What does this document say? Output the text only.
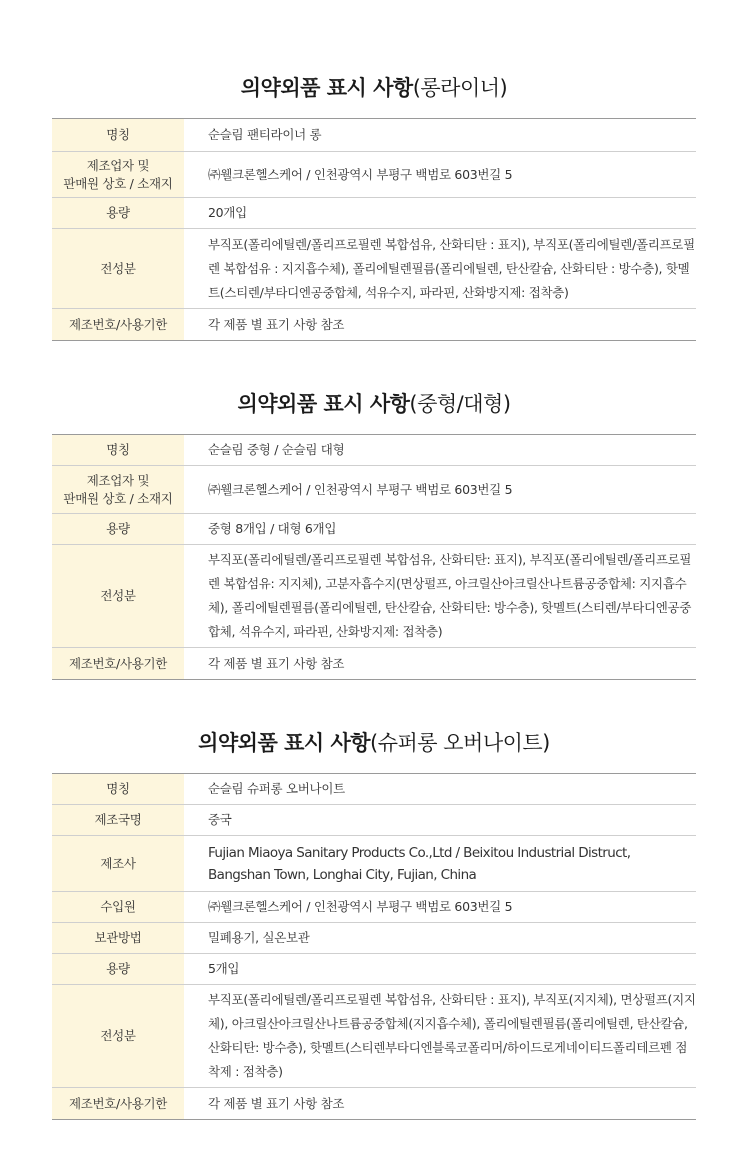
의약외품 표시 사항(롱라이너)
명칭	순슬림 팬티라이너 롱
제조업자 및
판매원 상호 / 소재지	㈜웰크론헬스케어 / 인천광역시 부평구 백범로 603번길 5
용량	20개입
전성분	부직포(폴리에틸렌/폴리프로필렌 복합섬유, 산화티탄 : 표지), 부직포(폴리에틸렌/폴리프로필렌 복합섬유 : 지지흡수체), 폴리에틸렌필름(폴리에틸렌, 탄산칼슘, 산화티탄 : 방수층), 핫멜트(스티렌/부타디엔공중합체, 석유수지, 파라핀, 산화방지제: 접착층)
제조번호/사용기한	각 제품 별 표기 사항 참조
의약외품 표시 사항(중형/대형)
명칭	순슬림 중형 / 순슬림 대형
제조업자 및
판매원 상호 / 소재지	㈜웰크론헬스케어 / 인천광역시 부평구 백범로 603번길 5
용량	중형 8개입 / 대형 6개입
전성분	부직포(폴리에틸렌/폴리프로필렌 복합섬유, 산화티탄: 표지), 부직포(폴리에틸렌/폴리프로필렌 복합섬유: 지지체), 고분자흡수지(면상펄프, 아크릴산아크릴산나트륨공중합체: 지지흡수체), 폴리에틸렌필름(폴리에틸렌, 탄산칼슘, 산화티탄: 방수층), 핫멜트(스티렌/부타디엔공중합체, 석유수지, 파라핀, 산화방지제: 접착층)
제조번호/사용기한	각 제품 별 표기 사항 참조
의약외품 표시 사항(슈퍼롱 오버나이트)
명칭	순슬림 슈퍼롱 오버나이트
제조국명	중국
제조사	Fujian Miaoya Sanitary Products Co.,Ltd / Beixitou Industrial Distruct, Bangshan Town, Longhai City, Fujian, China
수입원	㈜웰크론헬스케어 / 인천광역시 부평구 백범로 603번길 5
보관방법	밀폐용기, 실온보관
용량	5개입
전성분	부직포(폴리에틸렌/폴리프로필렌 복합섬유, 산화티탄 : 표지), 부직포(지지체), 면상펄프(지지체), 아크릴산아크릴산나트륨공중합체(지지흡수체), 폴리에틸렌필름(폴리에틸렌, 탄산칼슘, 산화티탄: 방수층), 핫멜트(스티렌부타디엔블록코폴리머/하이드로게네이티드폴리테르펜 점착제 : 점착층)
제조번호/사용기한	각 제품 별 표기 사항 참조
